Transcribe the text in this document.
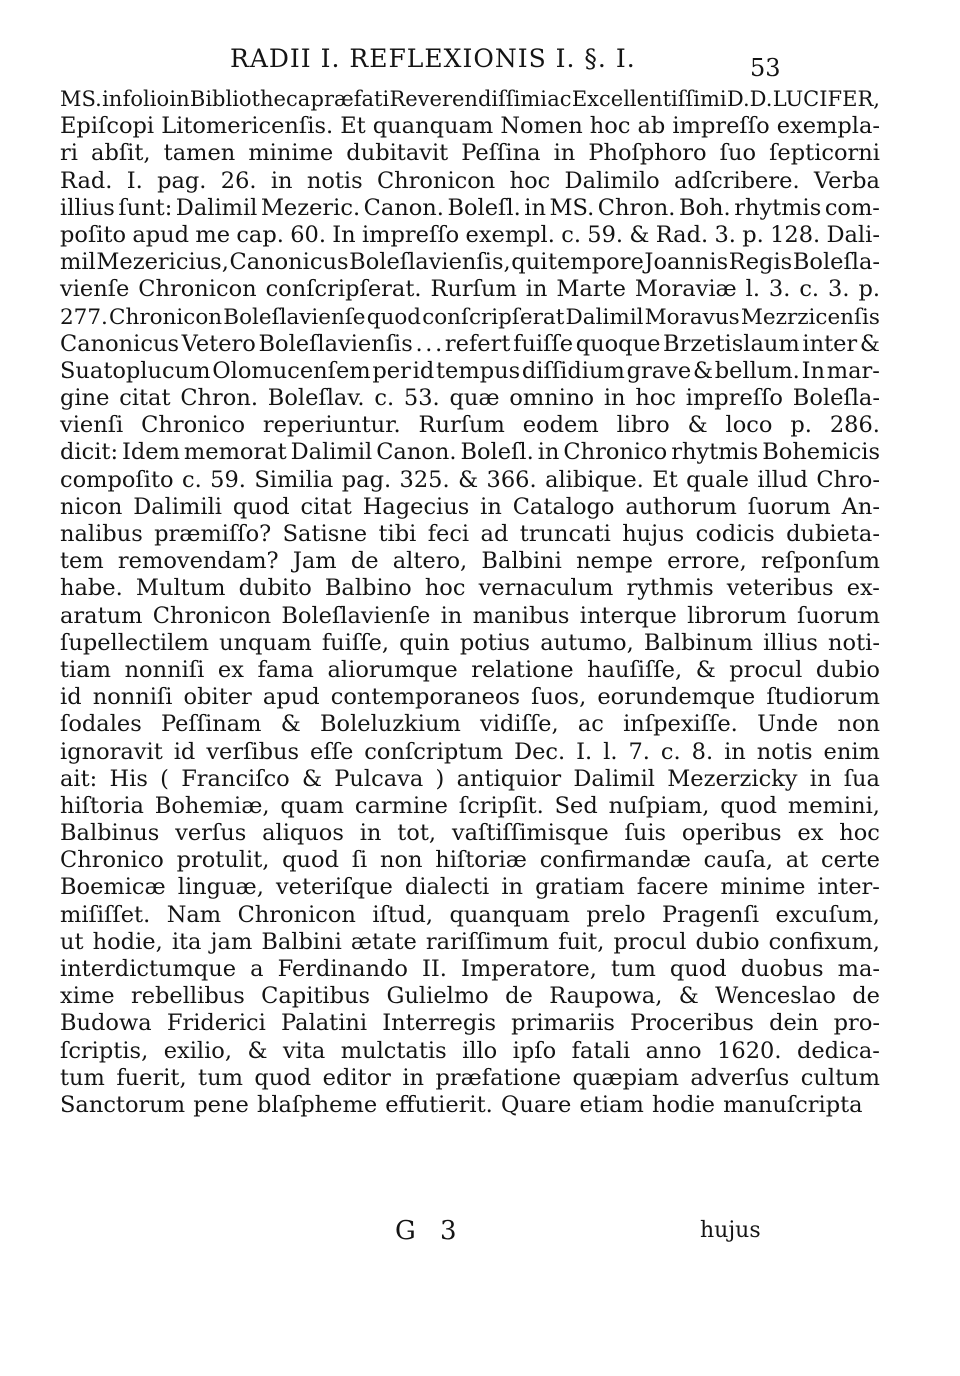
RADII I. REFLEXIONIS I. §. I.	53
MS. in folio in Bibliotheca præfati Reverendiſſimi ac Excellentiſſimi D.D. LUCIFER,
Epiſcopi Litomericenſis. Et quanquam Nomen hoc ab impreſſo exempla-
ri abſit, tamen minime dubitavit Peſſina in Phoſphoro ſuo ſepticorni
Rad. I. pag. 26. in notis Chronicon hoc Dalimilo adſcribere. Verba
illius ſunt: Dalimil Mezeric. Canon. Boleſl. in MS. Chron. Boh. rhytmis com-
poſito apud me cap. 60. In impreſſo exempl. c. 59. & Rad. 3. p. 128. Dali-
mil Mezericius, Canonicus Boleſlavienſis, qui tempore Joannis Regis Boleſla-
vienſe Chronicon conſcripſerat. Rurſum in Marte Moraviæ l. 3. c. 3. p.
277. Chronicon Boleſlavienſe quod conſcripſerat Dalimil Moravus Mezrzicenſis
Canonicus Vetero Boleſlavienſis . . . refert fuiſſe quoque Brzetislaum inter &
Suatoplucum Olomucenſem per id tempus diſſidium grave & bellum. In mar-
gine citat Chron. Boleſlav. c. 53. quæ omnino in hoc impreſſo Boleſla-
vienſi Chronico reperiuntur. Rurſum eodem libro & loco p. 286.
dicit: Idem memorat Dalimil Canon. Boleſl. in Chronico rhytmis Bohemicis
compoſito c. 59. Similia pag. 325. & 366. alibique. Et quale illud Chro-
nicon Dalimili quod citat Hagecius in Catalogo authorum ſuorum An-
nalibus præmiſſo? Satisne tibi feci ad truncati hujus codicis dubieta-
tem removendam? Jam de altero, Balbini nempe errore, reſponſum
habe. Multum dubito Balbino hoc vernaculum rythmis veteribus ex-
aratum Chronicon Boleſlavienſe in manibus interque librorum ſuorum
ſupellectilem unquam fuiſſe, quin potius autumo, Balbinum illius noti-
tiam nonniſi ex fama aliorumque relatione hauſiſſe, & procul dubio
id nonniſi obiter apud contemporaneos ſuos, eorundemque ſtudiorum
ſodales Peſſinam & Boleluzkium vidiſſe, ac inſpexiſſe. Unde non
ignoravit id verſibus eſſe conſcriptum Dec. I. l. 7. c. 8. in notis enim
ait: His ( Franciſco & Pulcava ) antiquior Dalimil Mezerzicky in ſua
hiſtoria Bohemiæ, quam carmine ſcripſit. Sed nuſpiam, quod memini,
Balbinus verſus aliquos in tot, vaſtiſſimisque ſuis operibus ex hoc
Chronico protulit, quod ſi non hiſtoriæ confirmandæ cauſa, at certe
Boemicæ linguæ, veteriſque dialecti in gratiam facere minime inter-
miſiſſet. Nam Chronicon iſtud, quanquam prelo Pragenſi excuſum,
ut hodie, ita jam Balbini ætate rariſſimum fuit, procul dubio confixum,
interdictumque a Ferdinando II. Imperatore, tum quod duobus ma-
xime rebellibus Capitibus Gulielmo de Raupowa, & Wenceslao de
Budowa Friderici Palatini Interregis primariis Proceribus dein pro-
ſcriptis, exilio, & vita mulctatis illo ipſo fatali anno 1620. dedica-
tum fuerit, tum quod editor in præfatione quæpiam adverſus cultum
Sanctorum pene blaſpheme effutierit. Quare etiam hodie manuſcripta
G 3	hujus
